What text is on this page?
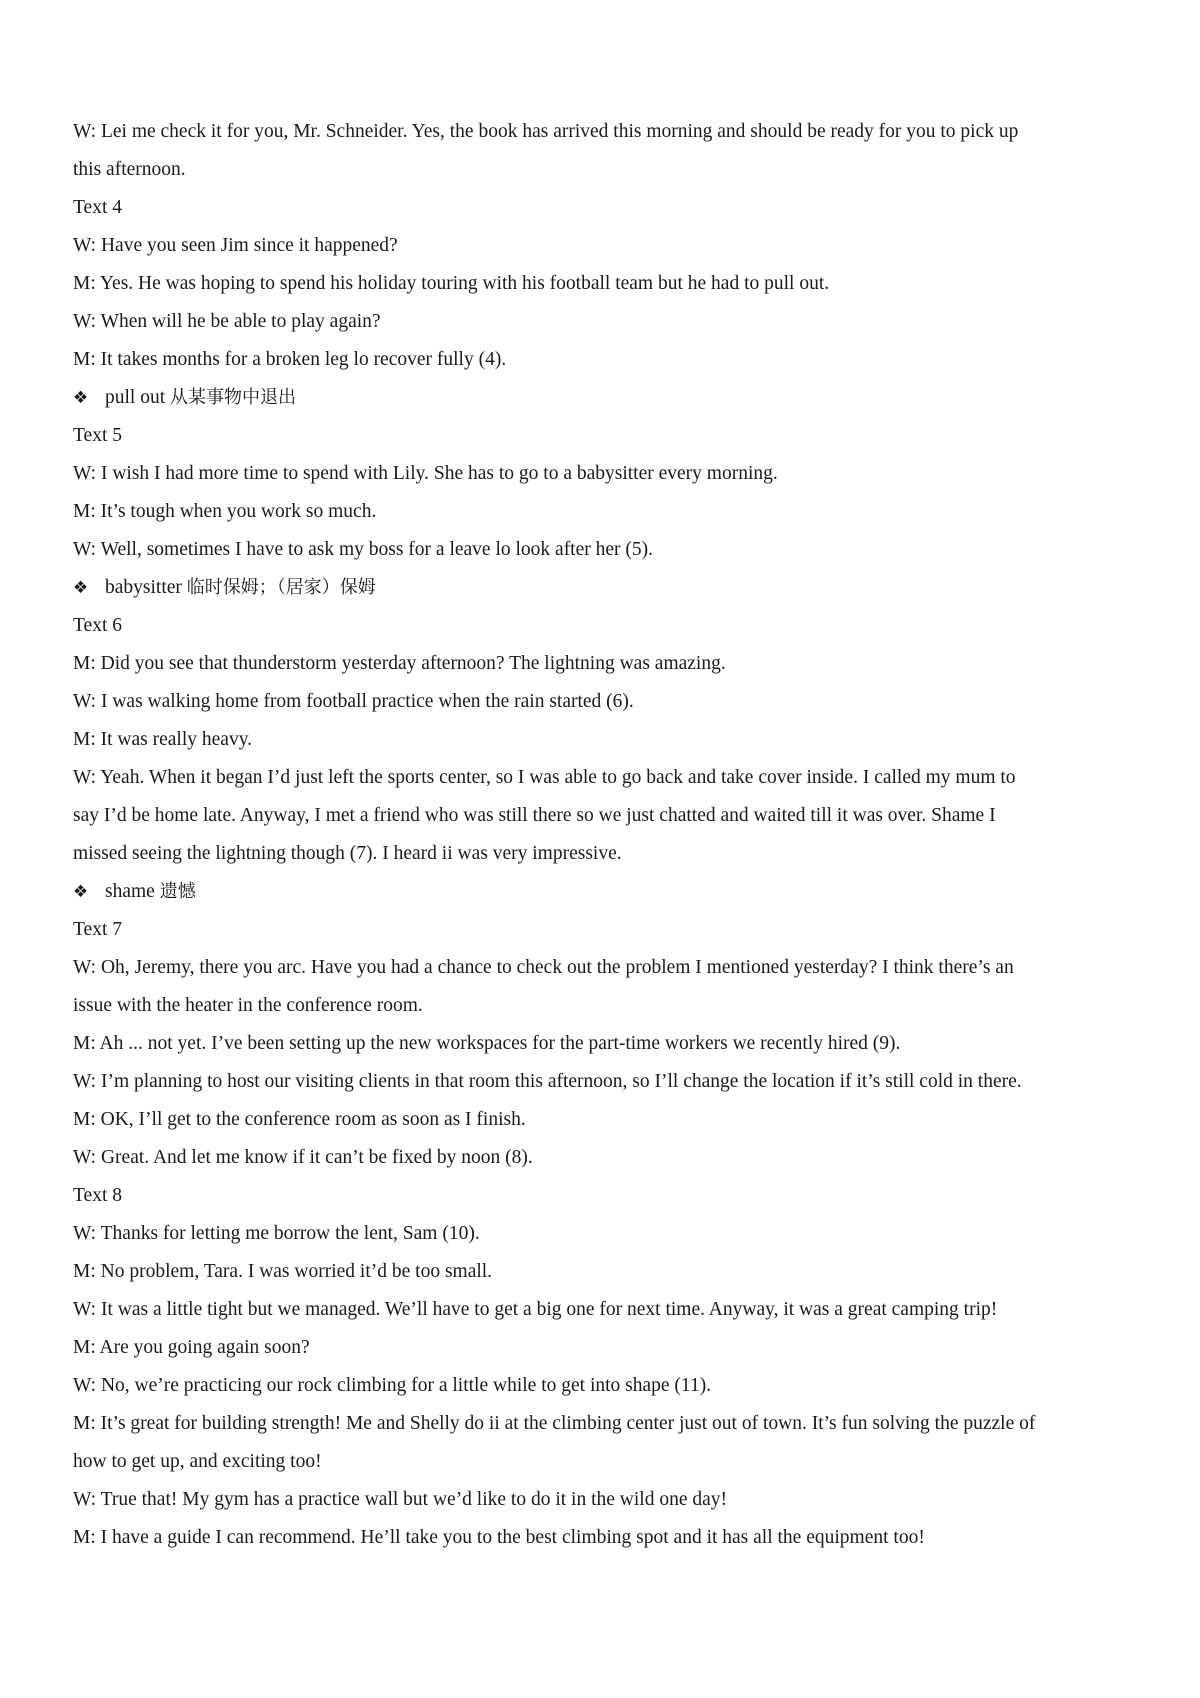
W: Lei me check it for you, Mr. Schneider. Yes, the book has arrived this morning and should be ready for you to pick up
this afternoon.
Text 4
W: Have you seen Jim since it happened?
M: Yes. He was hoping to spend his holiday touring with his football team but he had to pull out.
W: When will he be able to play again?
M: It takes months for a broken leg lo recover fully (4).
❖ pull out 从某事物中退出
Text 5
W: I wish I had more time to spend with Lily. She has to go to a babysitter every morning.
M: It’s tough when you work so much.
W: Well, sometimes I have to ask my boss for a leave lo look after her (5).
❖ babysitter 临时保姆；（居家）保姆
Text 6
M: Did you see that thunderstorm yesterday afternoon? The lightning was amazing.
W: I was walking home from football practice when the rain started (6).
M: It was really heavy.
W: Yeah. When it began I’d just left the sports center, so I was able to go back and take cover inside. I called my mum to
say I’d be home late. Anyway, I met a friend who was still there so we just chatted and waited till it was over. Shame I
missed seeing the lightning though (7). I heard ii was very impressive.
❖ shame 遗憾
Text 7
W: Oh, Jeremy, there you arc. Have you had a chance to check out the problem I mentioned yesterday? I think there’s an
issue with the heater in the conference room.
M: Ah ... not yet. I’ve been setting up the new workspaces for the part-time workers we recently hired (9).
W: I’m planning to host our visiting clients in that room this afternoon, so I’ll change the location if it’s still cold in there.
M: OK, I’ll get to the conference room as soon as I finish.
W: Great. And let me know if it can’t be fixed by noon (8).
Text 8
W: Thanks for letting me borrow the lent, Sam (10).
M: No problem, Tara. I was worried it’d be too small.
W: It was a little tight but we managed. We’ll have to get a big one for next time. Anyway, it was a great camping trip!
M: Are you going again soon?
W: No, we’re practicing our rock climbing for a little while to get into shape (11).
M: It’s great for building strength! Me and Shelly do ii at the climbing center just out of town. It’s fun solving the puzzle of
how to get up, and exciting too!
W: True that! My gym has a practice wall but we’d like to do it in the wild one day!
M: I have a guide I can recommend. He’ll take you to the best climbing spot and it has all the equipment too!
